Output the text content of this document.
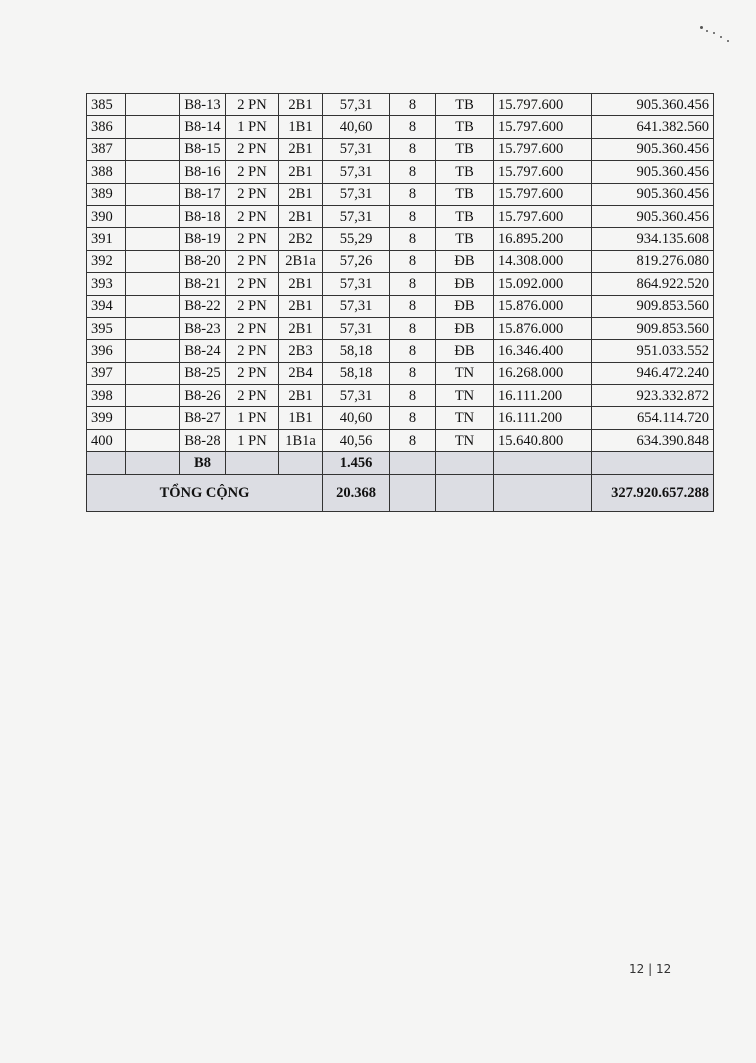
385		B8-13	2 PN	2B1	57,31	8	TB	15.797.600	905.360.456
386		B8-14	1 PN	1B1	40,60	8	TB	15.797.600	641.382.560
387		B8-15	2 PN	2B1	57,31	8	TB	15.797.600	905.360.456
388		B8-16	2 PN	2B1	57,31	8	TB	15.797.600	905.360.456
389		B8-17	2 PN	2B1	57,31	8	TB	15.797.600	905.360.456
390		B8-18	2 PN	2B1	57,31	8	TB	15.797.600	905.360.456
391		B8-19	2 PN	2B2	55,29	8	TB	16.895.200	934.135.608
392		B8-20	2 PN	2B1a	57,26	8	ĐB	14.308.000	819.276.080
393		B8-21	2 PN	2B1	57,31	8	ĐB	15.092.000	864.922.520
394		B8-22	2 PN	2B1	57,31	8	ĐB	15.876.000	909.853.560
395		B8-23	2 PN	2B1	57,31	8	ĐB	15.876.000	909.853.560
396		B8-24	2 PN	2B3	58,18	8	ĐB	16.346.400	951.033.552
397		B8-25	2 PN	2B4	58,18	8	TN	16.268.000	946.472.240
398		B8-26	2 PN	2B1	57,31	8	TN	16.111.200	923.332.872
399		B8-27	1 PN	1B1	40,60	8	TN	16.111.200	654.114.720
400		B8-28	1 PN	1B1a	40,56	8	TN	15.640.800	634.390.848
		B8			1.456				
TỔNG CỘNG					20.368				327.920.657.288
12 | 12
